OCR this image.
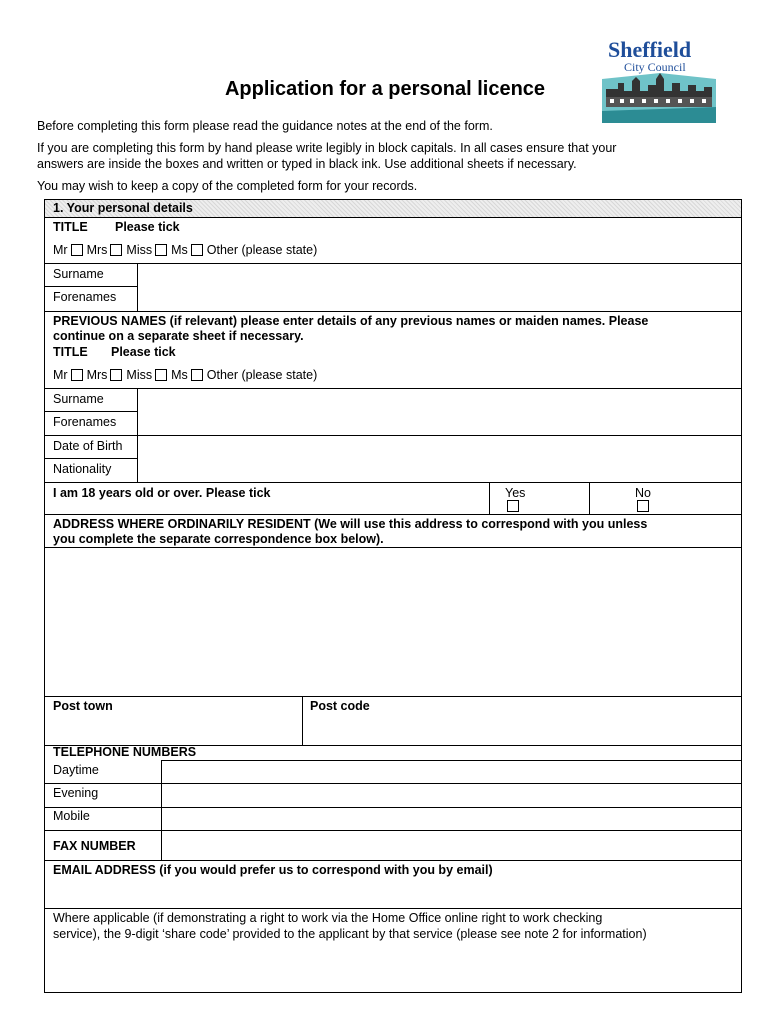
Application for a personal licence
Sheffield
City Council
Before completing this form please read the guidance notes at the end of the form.
If you are completing this form by hand please write legibly in block capitals. In all cases ensure that your
answers are inside the boxes and written or typed in black ink. Use additional sheets if necessary.
You may wish to keep a copy of the completed form for your records.
1. Your personal details
TITLE Please tick
Mr Mrs Miss Ms Other (please state)
Surname
Forenames
PREVIOUS NAMES (if relevant) please enter details of any previous names or maiden names. Please
continue on a separate sheet if necessary.
TITLE Please tick
Mr Mrs Miss Ms Other (please state)
Surname
Forenames
Date of Birth
Nationality
I am 18 years old or over. Please tick	Yes	No
ADDRESS WHERE ORDINARILY RESIDENT (We will use this address to correspond with you unless
you complete the separate correspondence box below).
Post town	Post code
TELEPHONE NUMBERS
Daytime
Evening
Mobile
FAX NUMBER
EMAIL ADDRESS (if you would prefer us to correspond with you by email)
Where applicable (if demonstrating a right to work via the Home Office online right to work checking
service), the 9-digit ‘share code’ provided to the applicant by that service (please see note 2 for information)
